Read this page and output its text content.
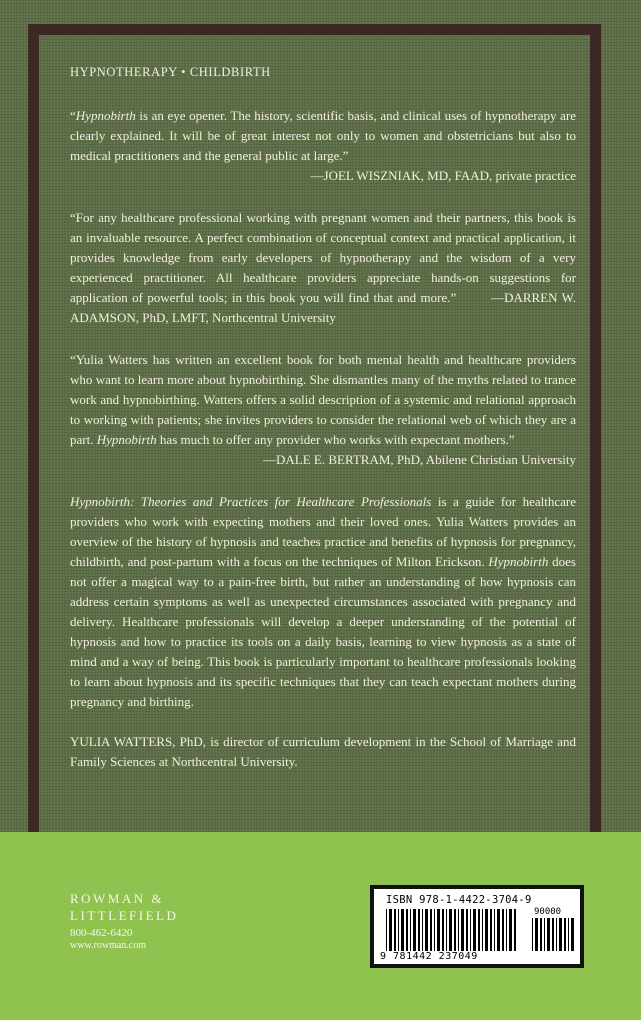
HYPNOTHERAPY • CHILDBIRTH

“Hypnobirth is an eye opener. The history, scientific basis, and clinical uses of hypnotherapy are clearly explained. It will be of great interest not only to women and obstetricians but also to medical practitioners and the general public at large.”

—JOEL WISZNIAK, MD, FAAD, private practice

“For any healthcare professional working with pregnant women and their partners, this book is an invaluable resource. A perfect combination of conceptual context and practical application, it provides knowledge from early developers of hypnotherapy and the wisdom of a very experienced practitioner. All healthcare providers appreciate hands-on suggestions for application of powerful tools; in this book you will find that and more.”	—DARREN W. ADAMSON, PhD, LMFT, Northcentral University

“Yulia Watters has written an excellent book for both mental health and healthcare providers who want to learn more about hypnobirthing. She dismantles many of the myths related to trance work and hypnobirthing. Watters offers a solid description of a systemic and relational approach to working with patients; she invites providers to consider the relational web of which they are a part. Hypnobirth has much to offer any provider who works with expectant mothers.”

—DALE E. BERTRAM, PhD, Abilene Christian University

Hypnobirth: Theories and Practices for Healthcare Professionals is a guide for healthcare providers who work with expecting mothers and their loved ones. Yulia Watters provides an overview of the history of hypnosis and teaches practice and benefits of hypnosis for pregnancy, childbirth, and post-partum with a focus on the techniques of Milton Erickson. Hypnobirth does not offer a magical way to a pain-free birth, but rather an understanding of how hypnosis can address certain symptoms as well as unexpected circumstances associated with pregnancy and delivery. Healthcare professionals will develop a deeper understanding of the potential of hypnosis and how to practice its tools on a daily basis, learning to view hypnosis as a state of mind and a way of being. This book is particularly important to healthcare professionals looking to learn about hypnosis and its specific techniques that they can teach expectant mothers during pregnancy and birthing.

YULIA WATTERS, PhD, is director of curriculum development in the School of Marriage and Family Sciences at Northcentral University.

ROWMAN &
LITTLEFIELD
800-462-6420
www.rowman.com
ISBN 978-1-4422-3704-9
90000
9 781442 237049
